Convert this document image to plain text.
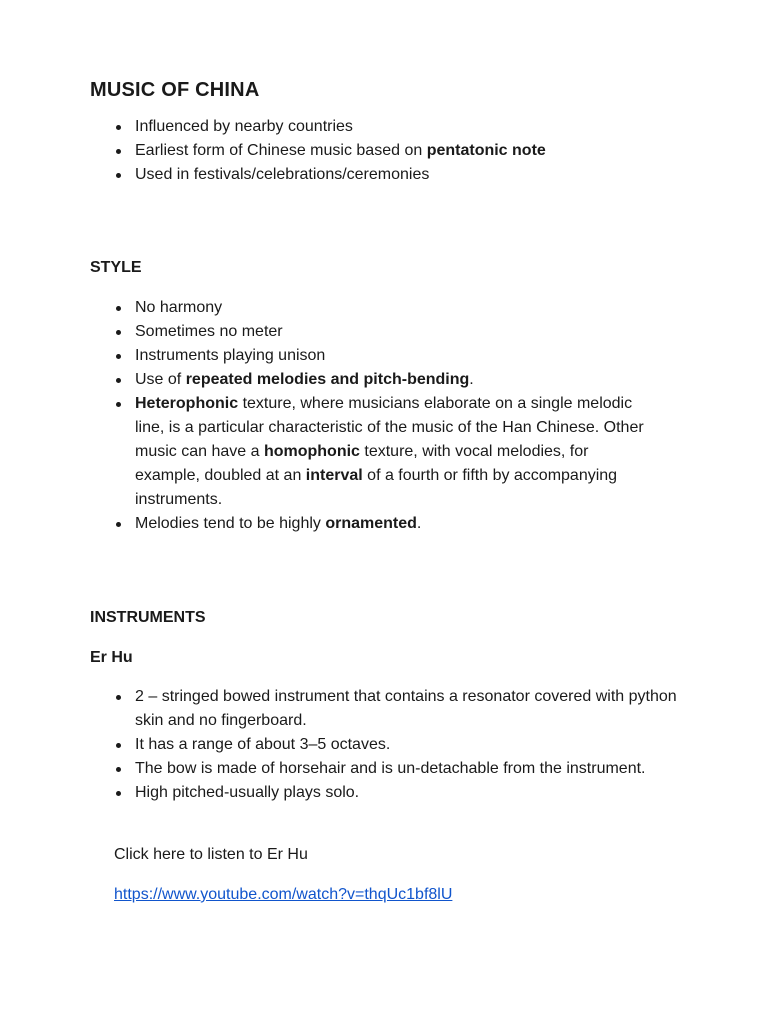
MUSIC OF CHINA
Influenced by nearby countries
Earliest form of Chinese music based on pentatonic note
Used in festivals/celebrations/ceremonies
STYLE
No harmony
Sometimes no meter
Instruments playing unison
Use of repeated melodies and pitch-bending.
Heterophonic texture, where musicians elaborate on a single melodic line, is a particular characteristic of the music of the Han Chinese. Other music can have a homophonic texture, with vocal melodies, for example, doubled at an interval of a fourth or fifth by accompanying instruments.
Melodies tend to be highly ornamented.
INSTRUMENTS
Er Hu
2 – stringed bowed instrument that contains a resonator covered with python skin and no fingerboard.
It has a range of about 3–5 octaves.
The bow is made of horsehair and is un-detachable from the instrument.
High pitched-usually plays solo.

Click here to listen to Er Hu

https://www.youtube.com/watch?v=thqUc1bf8lU
